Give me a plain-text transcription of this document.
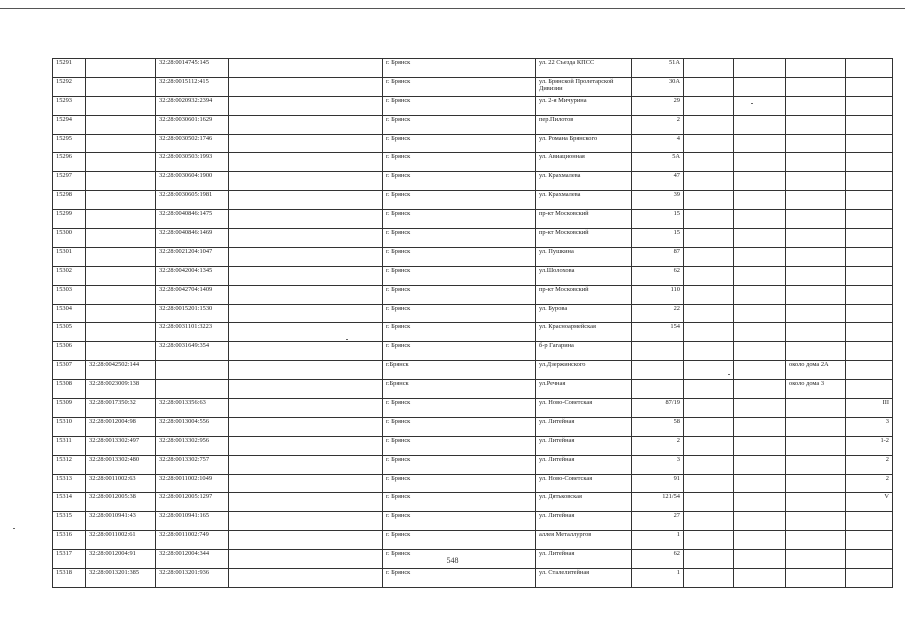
15291		32:28:0014745:145		г. Брянск	ул. 22 Съезда КПСС	51А				
15292		32:28:0015112:415		г. Брянск	ул. Брянской Пролетарской Дивизии	30А				
15293		32:28:0020932:2394		г. Брянск	ул. 2-я Мичурина	29				
15294		32:28:0030601:1629		г. Брянск	пер.Пилотов	2				
15295		32:28:0030502:1746		г. Брянск	ул. Романа Брянского	4				
15296		32:28:0030503:1993		г. Брянск	ул. Авиационная	5А				
15297		32:28:0030604:1900		г. Брянск	ул. Крахмалева	47				
15298		32:28:0030605:1981		г. Брянск	ул. Крахмалева	39				
15299		32:28:0040846:1475		г. Брянск	пр-кт Московский	15				
15300		32:28:0040846:1469		г. Брянск	пр-кт Московский	15				
15301		32:28:0021204:1047		г. Брянск	ул. Пушкина	87				
15302		32:28:0042004:1345		г. Брянск	ул.Шолохова	62				
15303		32:28:0042704:1409		г. Брянск	пр-кт Московский	110				
15304		32:28:0015201:1530		г. Брянск	ул. Бурова	22				
15305		32:28:0031101:3223		г. Брянск	ул. Красноармейская	154				
15306		32:28:0031649:354		г. Брянск	б-р Гагарина					
15307	32:28:0042502:144			г.Брянск	ул.Дзержинского				около дома 2А	
15308	32:28:0023009:138			г.Брянск	ул.Речная				около дома 3	
15309	32:28:0017350:32	32:28:0013356:63		г. Брянск	ул. Ново-Советская	87/19				III
15310	32:28:0012004:98	32:28:0013004:556		г. Брянск	ул. Литейная	58				3
15311	32:28:0013302:497	32:28:0013302:956		г. Брянск	ул. Литейная	2				1-2
15312	32:28:0013302:480	32:28:0013302:757		г. Брянск	ул. Литейная	3				2
15313	32:28:0011002:63	32:28:0011002:1049		г. Брянск	ул. Ново-Советская	91				2
15314	32:28:0012005:38	32:28:0012005:1297		г. Брянск	ул. Дятьковская	121/54				V
15315	32:28:0010941:43	32:28:0010941:165		г. Брянск	ул. Литейная	27				
15316	32:28:0011002:61	32:28:0011002:749		г. Брянск	аллея Металлургов	1				
15317	32:28:0012004:91	32:28:0012004:344		г. Брянск	ул. Литейная	62				
15318	32:28:0013201:385	32:28:0013201:936		г. Брянск	ул. Сталелитейная	1				
548
